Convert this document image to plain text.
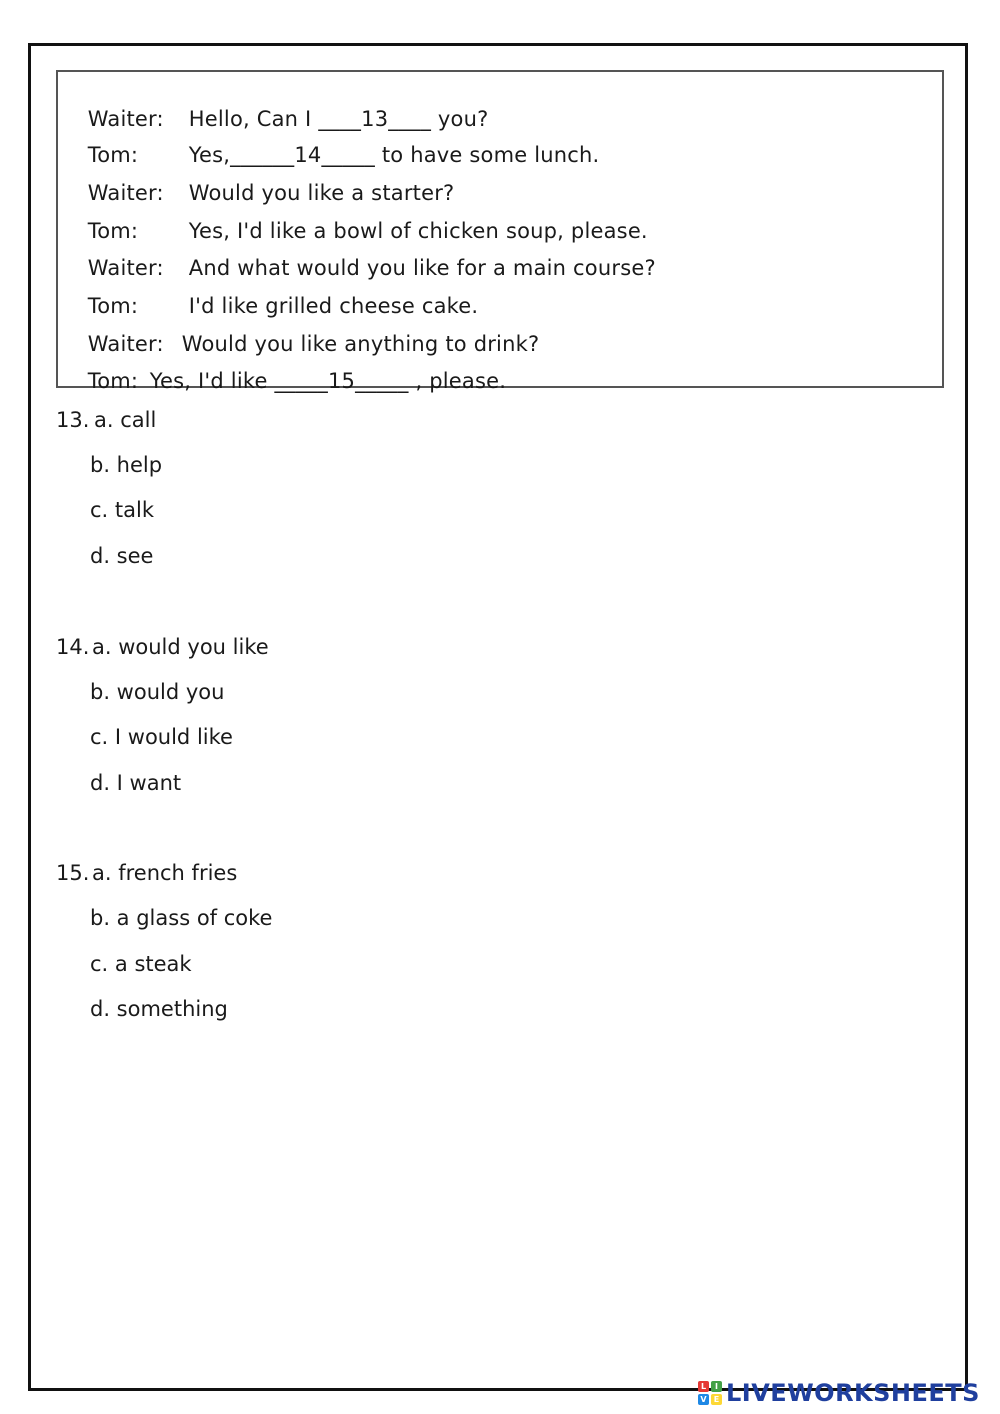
Waiter: Hello, Can I ____13____ you?

Tom: Yes,______14_____ to have some lunch.

Waiter: Would you like a starter?

Tom: Yes, I'd like a bowl of chicken soup, please.

Waiter: And what would you like for a main course?

Tom: I'd like grilled cheese cake.

Waiter: Would you like anything to drink?

Tom: Yes, I'd like _____15_____ , please.

13. a. call
b. help
c. talk
d. see
14. a. would you like
b. would you
c. I would like
d. I want
15. a. french fries
b. a glass of coke
c. a steak
d. something
L	I
V E LIVEWORKSHEETS
